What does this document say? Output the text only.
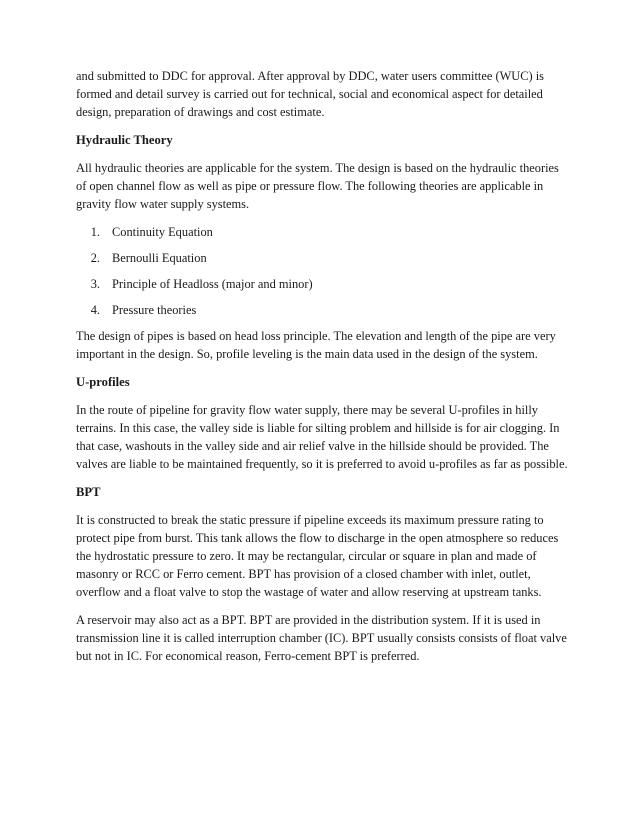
and submitted to DDC for approval. After approval by DDC, water users committee (WUC) is formed and detail survey is carried out for technical, social and economical aspect for detailed design, preparation of drawings and cost estimate.

Hydraulic Theory

All hydraulic theories are applicable for the system. The design is based on the hydraulic theories of open channel flow as well as pipe or pressure flow. The following theories are applicable in gravity flow water supply systems.

1. Continuity Equation
2. Bernoulli Equation
3. Principle of Headloss (major and minor)
4. Pressure theories

The design of pipes is based on head loss principle. The elevation and length of the pipe are very important in the design. So, profile leveling is the main data used in the design of the system.

U-profiles

In the route of pipeline for gravity flow water supply, there may be several U-profiles in hilly terrains. In this case, the valley side is liable for silting problem and hillside is for air clogging. In that case, washouts in the valley side and air relief valve in the hillside should be provided. The valves are liable to be maintained frequently, so it is preferred to avoid u-profiles as far as possible.

BPT

It is constructed to break the static pressure if pipeline exceeds its maximum pressure rating to protect pipe from burst. This tank allows the flow to discharge in the open atmosphere so reduces the hydrostatic pressure to zero. It may be rectangular, circular or square in plan and made of masonry or RCC or Ferro cement. BPT has provision of a closed chamber with inlet, outlet, overflow and a float valve to stop the wastage of water and allow reserving at upstream tanks.

A reservoir may also act as a BPT. BPT are provided in the distribution system. If it is used in transmission line it is called interruption chamber (IC). BPT usually consists consists of float valve but not in IC. For economical reason, Ferro-cement BPT is preferred.
